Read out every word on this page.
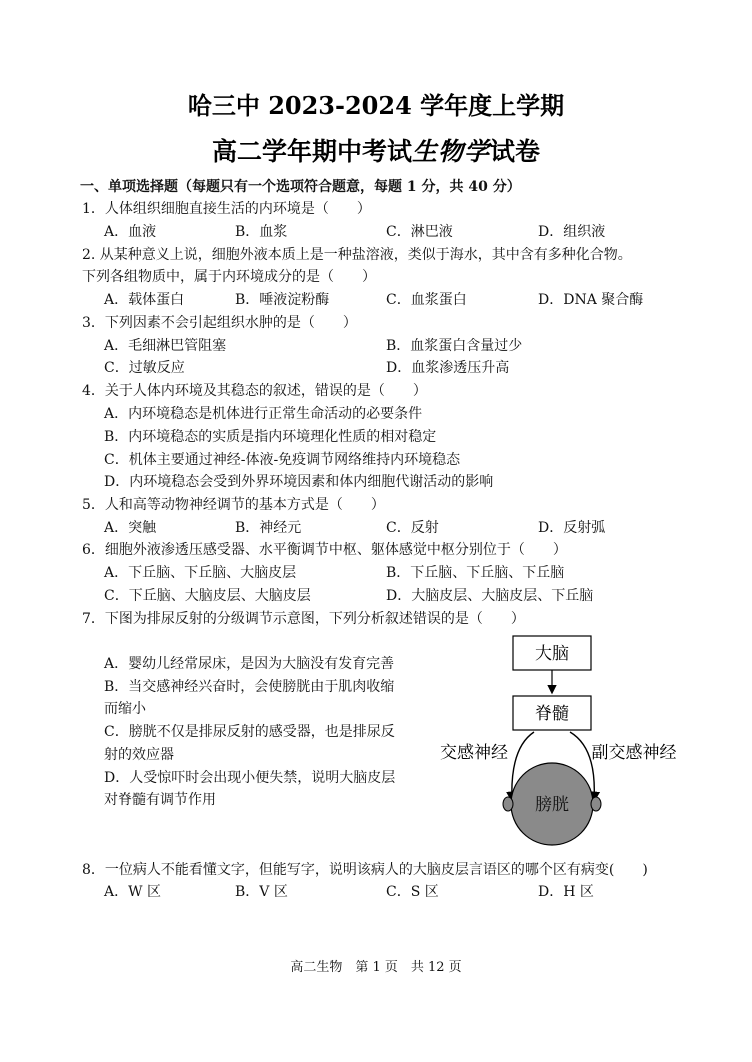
哈三中 2023-2024 学年度上学期
高二学年期中考试生物学试卷
一、单项选择题（每题只有一个选项符合题意，每题 1 分，共 40 分）
1．人体组织细胞直接生活的内环境是（　　）
A．血液	B．血浆	C．淋巴液	D．组织液
2. 从某种意义上说，细胞外液本质上是一种盐溶液，类似于海水，其中含有多种化合物。
下列各组物质中，属于内环境成分的是（　　）
A．载体蛋白	B．唾液淀粉酶	C．血浆蛋白	D．DNA 聚合酶
3．下列因素不会引起组织水肿的是（　　）
A．毛细淋巴管阻塞	B．血浆蛋白含量过少
C．过敏反应	D．血浆渗透压升高
4．关于人体内环境及其稳态的叙述，错误的是（　　）
A．内环境稳态是机体进行正常生命活动的必要条件
B．内环境稳态的实质是指内环境理化性质的相对稳定
C．机体主要通过神经-体液-免疫调节网络维持内环境稳态
D．内环境稳态会受到外界环境因素和体内细胞代谢活动的影响
5．人和高等动物神经调节的基本方式是（　　）
A．突触	B．神经元	C．反射	D．反射弧
6．细胞外液渗透压感受器、水平衡调节中枢、躯体感觉中枢分别位于（　　）
A．下丘脑、下丘脑、大脑皮层	B．下丘脑、下丘脑、下丘脑
C．下丘脑、大脑皮层、大脑皮层	D．大脑皮层、大脑皮层、下丘脑
7．下图为排尿反射的分级调节示意图，下列分析叙述错误的是（　　）
A．婴幼儿经常尿床，是因为大脑没有发育完善
B．当交感神经兴奋时，会使膀胱由于肌肉收缩
而缩小
C．膀胱不仅是排尿反射的感受器，也是排尿反
射的效应器
D．人受惊吓时会出现小便失禁，说明大脑皮层
对脊髓有调节作用
大脑
脊髓
交感神经	副交感神经
膀胱
8．一位病人不能看懂文字，但能写字，说明该病人的大脑皮层言语区的哪个区有病变(　　)
A．W 区	B．V 区	C．S 区	D．H 区
高二生物　第 1 页　共 12 页
